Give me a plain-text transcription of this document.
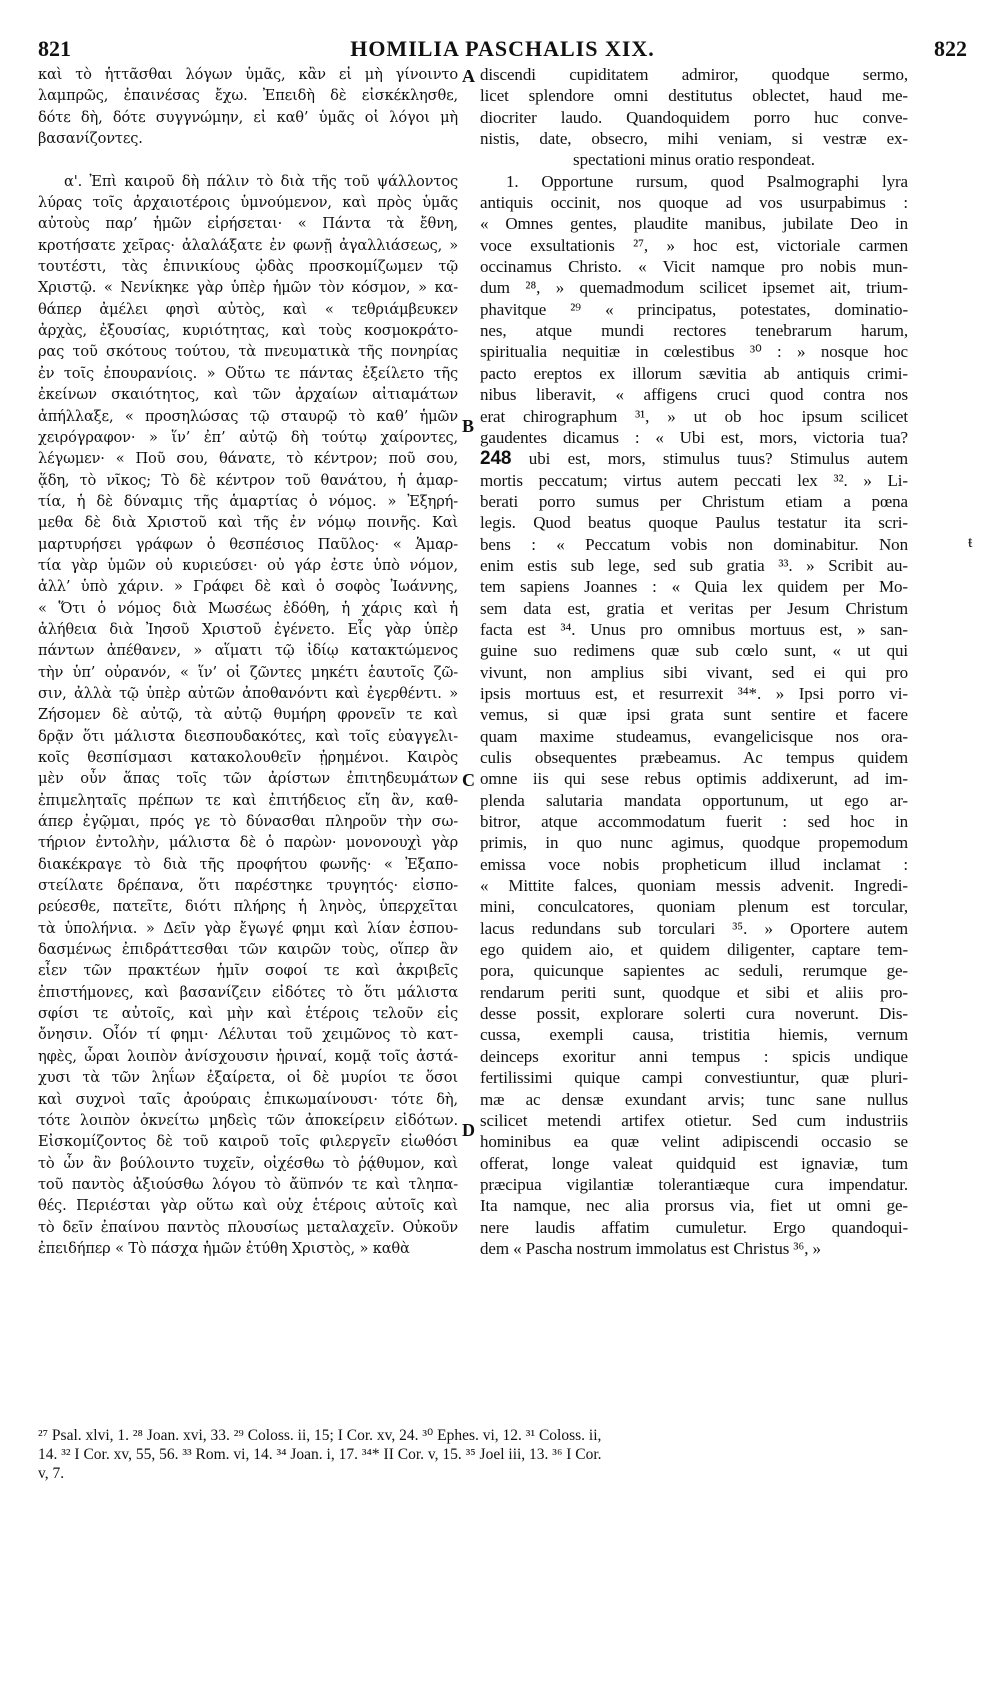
821	HOMILIA PASCHALIS XIX.	822
καὶ τὸ ἡττᾶσθαι λόγων ὑμᾶς, κἂν εἰ μὴ γίνοιντο
λαμπρῶς, ἐπαινέσας ἔχω. Ἐπειδὴ δὲ εἰσκέκλησθε,
δότε δὴ, δότε συγγνώμην, εἰ καθ’ ὑμᾶς οἱ λόγοι μὴ
βασανίζοντες.

α'. Ἐπὶ καιροῦ δὴ πάλιν τὸ διὰ τῆς τοῦ ψάλλοντος
λύρας τοῖς ἀρχαιοτέροις ὑμνούμενον, καὶ πρὸς ὑμᾶς
αὐτοὺς παρ’ ἡμῶν εἰρήσεται· « Πάντα τὰ ἔθνη,
κροτήσατε χεῖρας· ἀλαλάξατε ἐν φωνῇ ἀγαλλιάσεως, »
τουτέστι, τὰς ἐπινικίους ᾠδὰς προσκομίζωμεν τῷ
Χριστῷ. « Νενίκηκε γὰρ ὑπὲρ ἡμῶν τὸν κόσμον, » κα-
θάπερ ἀμέλει φησὶ αὐτὸς, καὶ « τεθριάμβευκεν
ἀρχὰς, ἐξουσίας, κυριότητας, καὶ τοὺς κοσμοκράτο-
ρας τοῦ σκότους τούτου, τὰ πνευματικὰ τῆς πονηρίας
ἐν τοῖς ἐπουρανίοις. » Οὕτω τε πάντας ἐξείλετο τῆς
ἐκείνων σκαιότητος, καὶ τῶν ἀρχαίων αἰτιαμάτων
ἀπήλλαξε, « προσηλώσας τῷ σταυρῷ τὸ καθ’ ἡμῶν
χειρόγραφον· » ἵν’ ἐπ’ αὐτῷ δὴ τούτῳ χαίροντες,
λέγωμεν· « Ποῦ σου, θάνατε, τὸ κέντρον; ποῦ σου,
ᾅδη, τὸ νῖκος; Τὸ δὲ κέντρον τοῦ θανάτου, ἡ ἁμαρ-
τία, ἡ δὲ δύναμις τῆς ἁμαρτίας ὁ νόμος. » Ἐξηρή-
μεθα δὲ διὰ Χριστοῦ καὶ τῆς ἐν νόμῳ ποινῆς. Καὶ
μαρτυρήσει γράφων ὁ θεσπέσιος Παῦλος· « Ἁμαρ-
τία γὰρ ὑμῶν οὐ κυριεύσει· οὐ γάρ ἐστε ὑπὸ νόμον,
ἀλλ’ ὑπὸ χάριν. » Γράφει δὲ καὶ ὁ σοφὸς Ἰωάννης,
« Ὅτι ὁ νόμος διὰ Μωσέως ἐδόθη, ἡ χάρις καὶ ἡ
ἀλήθεια διὰ Ἰησοῦ Χριστοῦ ἐγένετο. Εἷς γὰρ ὑπὲρ
πάντων ἀπέθανεν, » αἵματι τῷ ἰδίῳ κατακτώμενος
τὴν ὑπ’ οὐρανόν, « ἵν’ οἱ ζῶντες μηκέτι ἑαυτοῖς ζῶ-
σιν, ἀλλὰ τῷ ὑπὲρ αὐτῶν ἀποθανόντι καὶ ἐγερθέντι. »
Ζήσομεν δὲ αὐτῷ, τὰ αὐτῷ θυμήρη φρονεῖν τε καὶ
δρᾷν ὅτι μάλιστα διεσπουδακότες, καὶ τοῖς εὐαγγελι-
κοῖς θεσπίσμασι κατακολουθεῖν ᾐρημένοι. Καιρὸς
μὲν οὖν ἅπας τοῖς τῶν ἀρίστων ἐπιτηδευμάτων
ἐπιμεληταῖς πρέπων τε καὶ ἐπιτήδειος εἴη ἂν, καθ-
άπερ ἐγῷμαι, πρός γε τὸ δύνασθαι πληροῦν τὴν σω-
τήριον ἐντολὴν, μάλιστα δὲ ὁ παρὼν· μονονουχὶ γὰρ
διακέκραγε τὸ διὰ τῆς προφήτου φωνῆς· « Ἐξαπο-
στείλατε δρέπανα, ὅτι παρέστηκε τρυγητός· εἰσπο-
ρεύεσθε, πατεῖτε, διότι πλήρης ἡ ληνὸς, ὑπερχεῖται
τὰ ὑπολήνια. » Δεῖν γὰρ ἔγωγέ φημι καὶ λίαν ἐσπου-
δασμένως ἐπιδράττεσθαι τῶν καιρῶν τοὺς, οἵπερ ἂν
εἶεν τῶν πρακτέων ἡμῖν σοφοί τε καὶ ἀκριβεῖς
ἐπιστήμονες, καὶ βασανίζειν εἰδότες τὸ ὅτι μάλιστα
σφίσι τε αὐτοῖς, καὶ μὴν καὶ ἑτέροις τελοῦν εἰς
ὄνησιν. Οἷόν τί φημι· Λέλυται τοῦ χειμῶνος τὸ κατ-
ηφὲς, ὧραι λοιπὸν ἀνίσχουσιν ἠριναί, κομᾷ τοῖς ἀστά-
χυσι τὰ τῶν ληΐων ἐξαίρετα, οἱ δὲ μυρίοι τε ὅσοι
καὶ συχνοὶ ταῖς ἀρούραις ἐπικωμαίνουσι· τότε δὴ,
τότε λοιπὸν ὀκνείτω μηδεὶς τῶν ἀποκείρειν εἰδότων.
Εἰσκομίζοντος δὲ τοῦ καιροῦ τοῖς φιλεργεῖν εἰωθόσι
τὸ ὧν ἂν βούλοιντο τυχεῖν, οἰχέσθω τὸ ῥᾴθυμον, καὶ
τοῦ παντὸς ἀξιούσθω λόγου τὸ ἄϋπνόν τε καὶ τληπα-
θές. Περιέσται γὰρ οὕτω καὶ οὐχ ἑτέροις αὐτοῖς καὶ
τὸ δεῖν ἐπαίνου παντὸς πλουσίως μεταλαχεῖν. Οὐκοῦν
ἐπειδήπερ « Τὸ πάσχα ἡμῶν ἐτύθη Χριστὸς, » καθὰ
discendi cupiditatem admiror, quodque sermo,
licet splendore omni destitutus oblectet, haud me-
diocriter laudo. Quandoquidem porro huc conve-
nistis, date, obsecro, mihi veniam, si vestræ ex-
spectationi minus oratio respondeat.
1. Opportune rursum, quod Psalmographi lyra
antiquis occinit, nos quoque ad vos usurpabimus :
« Omnes gentes, plaudite manibus, jubilate Deo in
voce exsultationis ²⁷, » hoc est, victoriale carmen
occinamus Christo. « Vicit namque pro nobis mun-
dum ²⁸, » quemadmodum scilicet ipsemet ait, trium-
phavitque ²⁹ « principatus, potestates, dominatio-
nes, atque mundi rectores tenebrarum harum,
spiritualia nequitiæ in cœlestibus ³⁰ : » nosque hoc
pacto ereptos ex illorum sævitia ab antiquis crimi-
nibus liberavit, « affigens cruci quod contra nos
erat chirographum ³¹, » ut ob hoc ipsum scilicet
gaudentes dicamus : « Ubi est, mors, victoria tua?
248 ubi est, mors, stimulus tuus? Stimulus autem
mortis peccatum; virtus autem peccati lex ³². » Li-
berati porro sumus per Christum etiam a pœna
legis. Quod beatus quoque Paulus testatur ita scri-
bens : « Peccatum vobis non dominabitur. Non
enim estis sub lege, sed sub gratia ³³. » Scribit au-
tem sapiens Joannes : « Quia lex quidem per Mo-
sem data est, gratia et veritas per Jesum Christum
facta est ³⁴. Unus pro omnibus mortuus est, » san-
guine suo redimens quæ sub cœlo sunt, « ut qui
vivunt, non amplius sibi vivant, sed ei qui pro
ipsis mortuus est, et resurrexit ³⁴*. » Ipsi porro vi-
vemus, si quæ ipsi grata sunt sentire et facere
quam maxime studeamus, evangelicisque nos ora-
culis obsequentes præbeamus. Ac tempus quidem
omne iis qui sese rebus optimis addixerunt, ad im-
plenda salutaria mandata opportunum, ut ego ar-
bitror, atque accommodatum fuerit : sed hoc in
primis, in quo nunc agimus, quodque propemodum
emissa voce nobis propheticum illud inclamat :
« Mittite falces, quoniam messis advenit. Ingredi-
mini, conculcatores, quoniam plenum est torcular,
lacus redundans sub torculari ³⁵. » Oportere autem
ego quidem aio, et quidem diligenter, captare tem-
pora, quicunque sapientes ac seduli, rerumque ge-
rendarum periti sunt, quodque et sibi et aliis pro-
desse possit, explorare solerti cura noverunt. Dis-
cussa, exempli causa, tristitia hiemis, vernum
deinceps exoritur anni tempus : spicis undique
fertilissimi quique campi convestiuntur, quæ pluri-
mæ ac densæ exundant arvis; tunc sane nullus
scilicet metendi artifex otietur. Sed cum industriis
hominibus ea quæ velint adipiscendi occasio se
offerat, longe valeat quidquid est ignaviæ, tum
præcipua vigilantiæ tolerantiæque cura impendatur.
Ita namque, nec alia prorsus via, fiet ut omni ge-
nere laudis affatim cumuletur. Ergo quandoqui-
dem « Pascha nostrum immolatus est Christus ³⁶, »
A
B
C
D
ŧ
²⁷ Psal. xlvi, 1. ²⁸ Joan. xvi, 33. ²⁹ Coloss. ii, 15; I Cor. xv, 24. ³⁰ Ephes. vi, 12. ³¹ Coloss. ii,
14. ³² I Cor. xv, 55, 56. ³³ Rom. vi, 14. ³⁴ Joan. i, 17. ³⁴* II Cor. v, 15. ³⁵ Joel iii, 13. ³⁶ I Cor.
v, 7.
